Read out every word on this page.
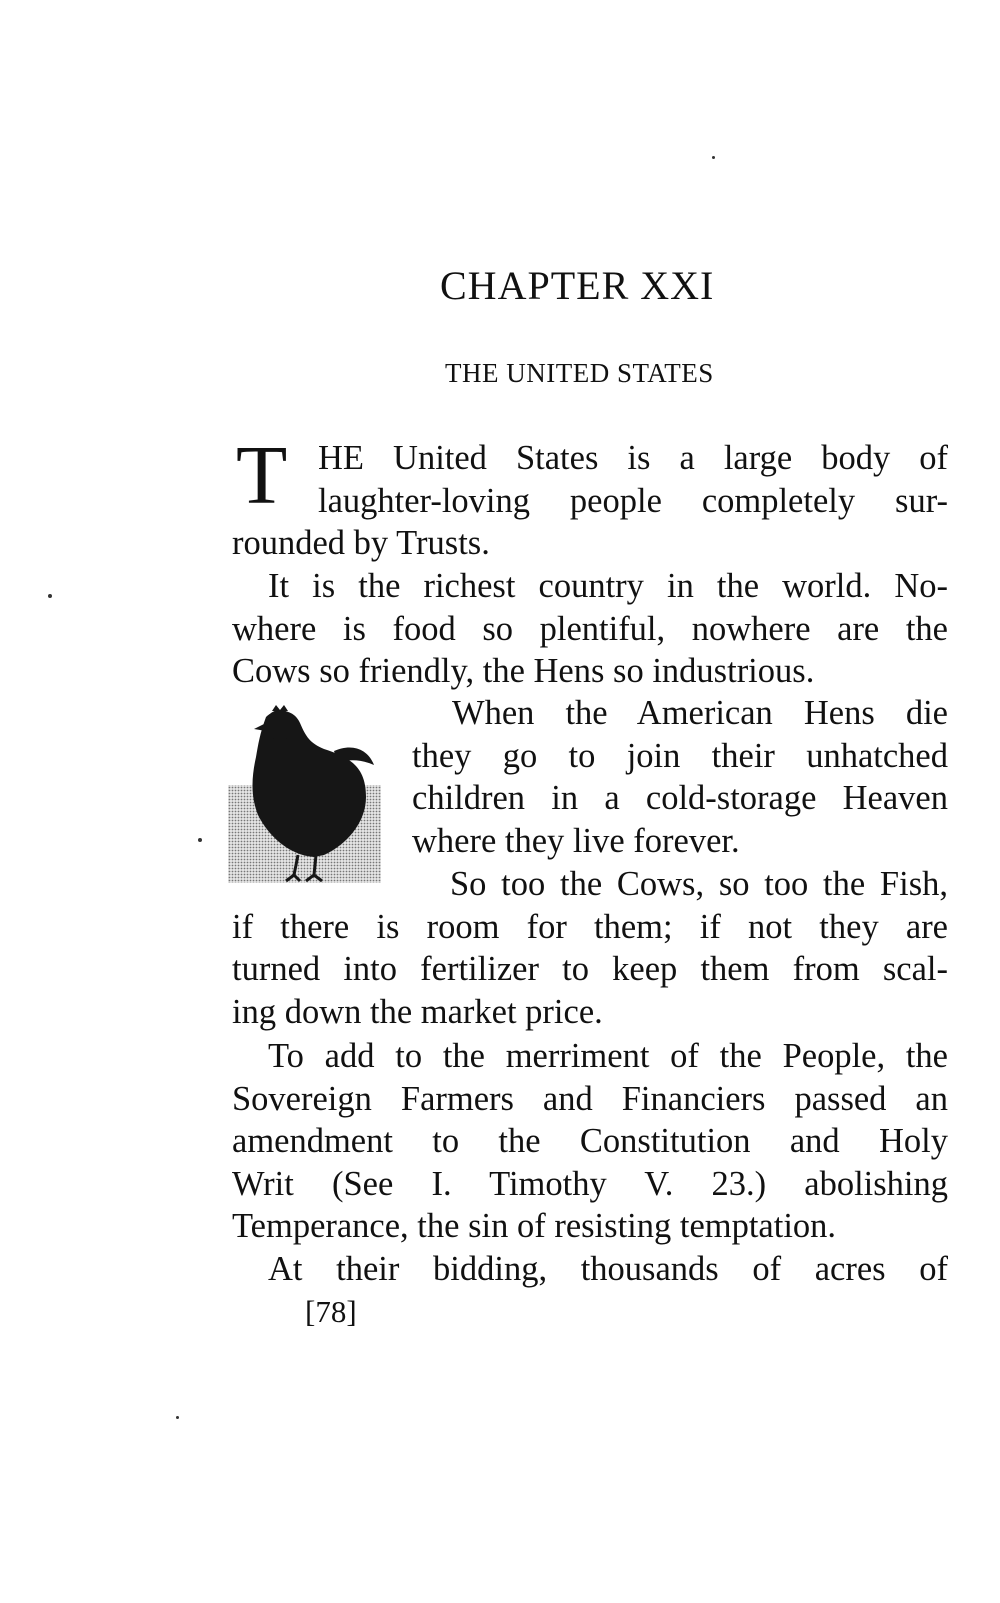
CHAPTER XXI
THE UNITED STATES
T HE United States is a large body of
laughter-loving people completely sur-
rounded by Trusts.
It is the richest country in the world. No-
where is food so plentiful, nowhere are the
Cows so friendly, the Hens so industrious.
When the American Hens die
they go to join their unhatched
children in a cold-storage Heaven
where they live forever.
So too the Cows, so too the Fish,
if there is room for them; if not they are
turned into fertilizer to keep them from scal-
ing down the market price.
To add to the merriment of the People, the
Sovereign Farmers and Financiers passed an
amendment to the Constitution and Holy
Writ (See I. Timothy V. 23.) abolishing
Temperance, the sin of resisting temptation.
At their bidding, thousands of acres of
[78]
